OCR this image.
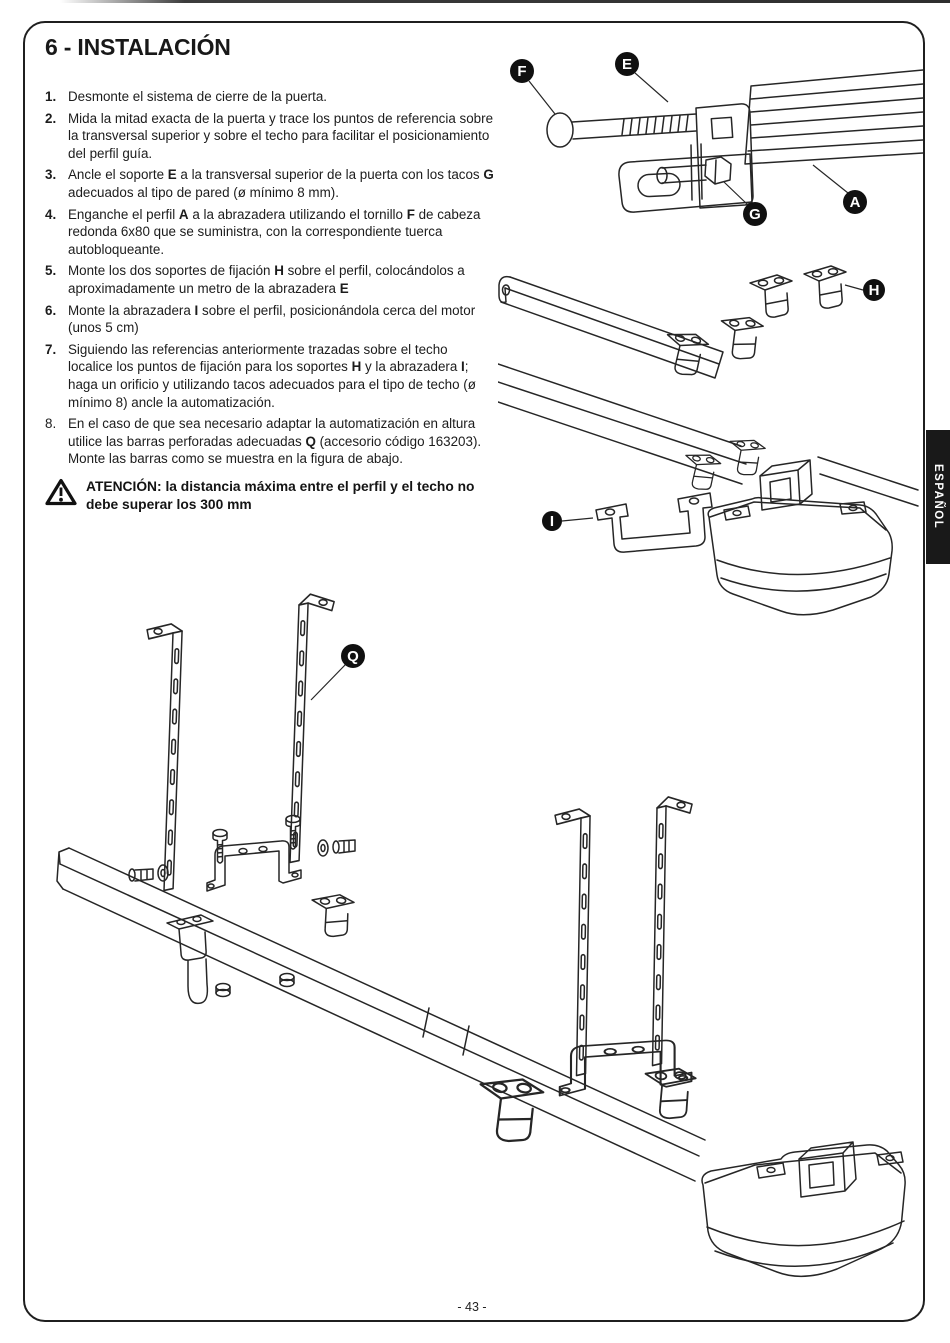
ESPAÑOL
6 - INSTALACIÓN
1. Desmonte el sistema de cierre de la puerta.
2. Mida la mitad exacta de la puerta y trace los puntos de referencia sobre la transversal superior y sobre el techo para facilitar el posicionamiento del perfil guía.
3. Ancle el soporte E a la transversal superior de la puerta con los tacos G adecuados al tipo de pared (ø mínimo 8 mm).
4. Enganche el perfil A a la abrazadera utilizando el tornillo F de cabeza redonda 6x80 que se suministra, con la correspondiente tuerca autobloqueante.
5. Monte los dos soportes de fijación H sobre el perfil, colocándolos a aproximadamente un metro de la abrazadera E
6. Monte la abrazadera I sobre el perfil, posicionándola cerca del motor (unos 5 cm)
7. Siguiendo las referencias anteriormente trazadas sobre el techo localice los puntos de fijación para los soportes H y la abrazadera I; haga un orificio y utilizando tacos adecuados para el tipo de techo (ø mínimo 8) ancle la automatización.
8. En el caso de que sea necesario adaptar la automatización en altura utilice las barras perforadas adecuadas Q (accesorio código 163203).
Monte las barras como se muestra en la figura de abajo.
ATENCIÓN: la distancia máxima entre el perfil y el techo no debe superar los 300 mm
F	E
G
A
H
I
Q
- 43 -
